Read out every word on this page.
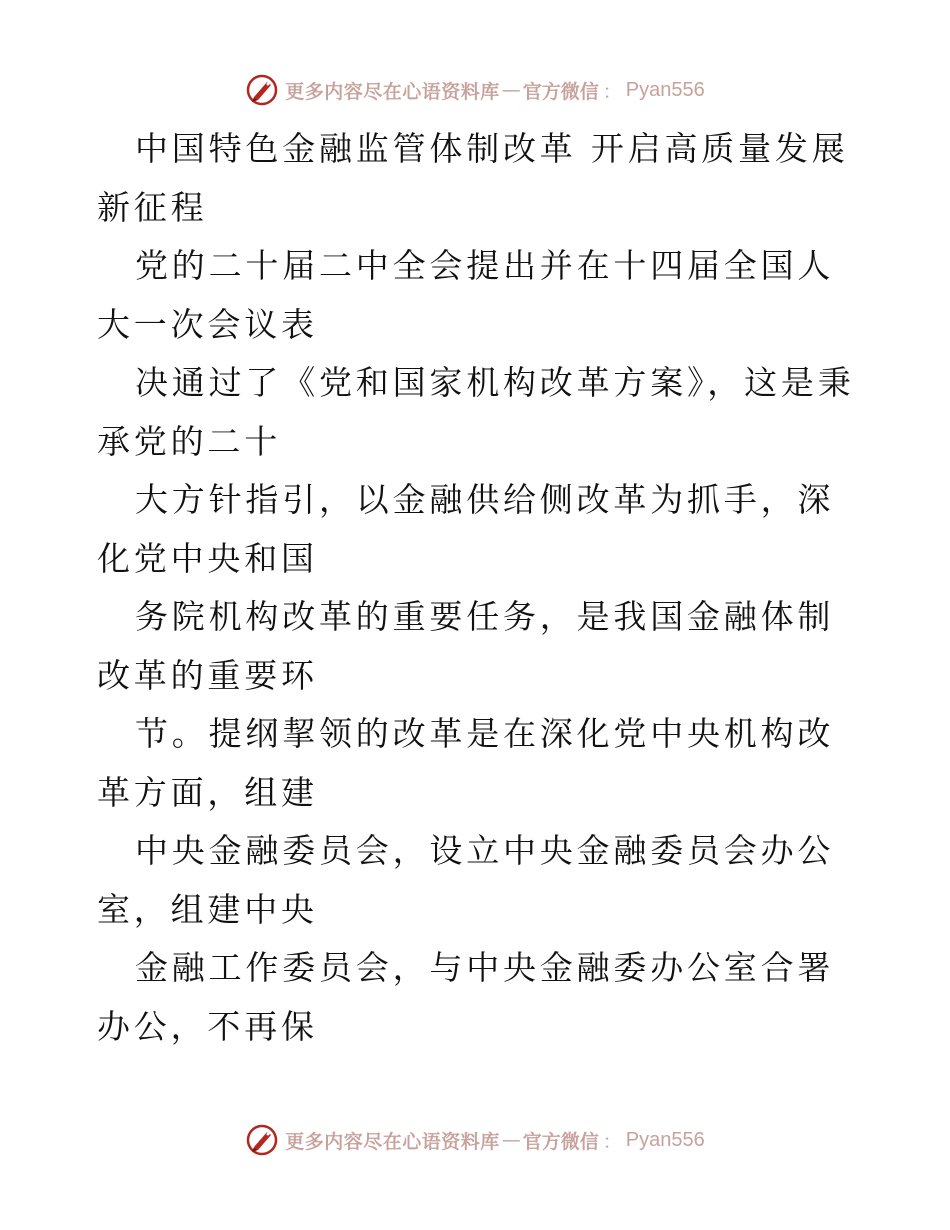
更多内容尽在心语资料库 — 官方微信 ： Pyan556

中国特色金融监管体制改革 开启高质量发展新征程

党的二十届二中全会提出并在十四届全国人大一次会议表

决通过了《党和国家机构改革方案》，这是秉承党的二十

大方针指引，以金融供给侧改革为抓手，深化党中央和国

务院机构改革的重要任务，是我国金融体制改革的重要环

节。提纲挈领的改革是在深化党中央机构改革方面，组建

中央金融委员会，设立中央金融委员会办公室，组建中央

金融工作委员会，与中央金融委办公室合署办公，不再保

更多内容尽在心语资料库 — 官方微信 ： Pyan556
